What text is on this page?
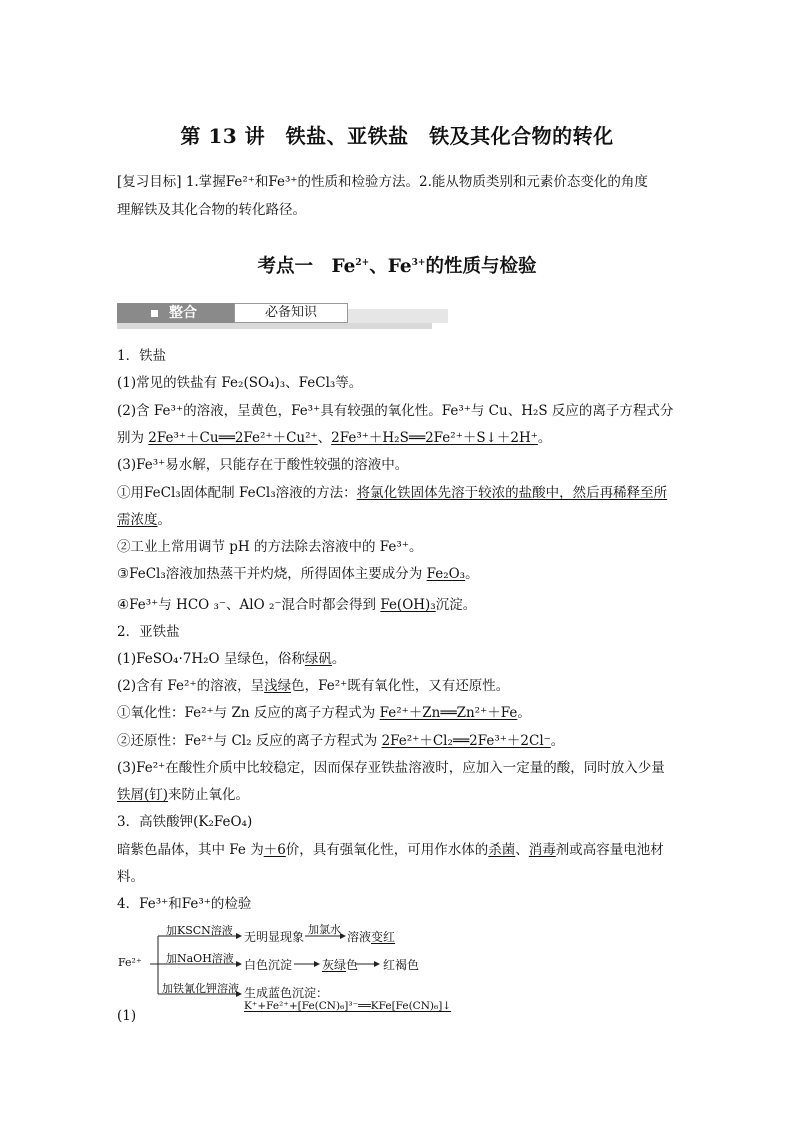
第 13 讲　铁盐、亚铁盐　铁及其化合物的转化
[复习目标] 1.掌握Fe²⁺和Fe³⁺的性质和检验方法。2.能从物质类别和元素价态变化的角度
理解铁及其化合物的转化路径。
考点一　$Fe^{2+}$、$Fe^{3+}$的性质与检验
整合	必备知识
1．铁盐
(1)常见的铁盐有 Fe₂(SO₄)₃、FeCl₃等。
(2)含 Fe³⁺的溶液，呈黄色，Fe³⁺具有较强的氧化性。Fe³⁺与 Cu、H₂S 反应的离子方程式分
别为 2Fe³⁺＋Cu══2Fe²⁺＋Cu²⁺、2Fe³⁺＋H₂S══2Fe²⁺＋S↓＋2H⁺。
(3)Fe³⁺易水解，只能存在于酸性较强的溶液中。
①用FeCl₃固体配制 FeCl₃溶液的方法：将氯化铁固体先溶于较浓的盐酸中，然后再稀释至所
需浓度。
②工业上常用调节 pH 的方法除去溶液中的 Fe³⁺。
③FeCl₃溶液加热蒸干并灼烧，所得固体主要成分为 Fe₂O₃。
④Fe³⁺与 HCO ₃⁻、AlO ₂⁻混合时都会得到 Fe(OH)₃沉淀。
2．亚铁盐
(1)FeSO₄·7H₂O 呈绿色，俗称绿矾。
(2)含有 Fe²⁺的溶液，呈浅绿色，Fe²⁺既有氧化性，又有还原性。
①氧化性：Fe²⁺与 Zn 反应的离子方程式为 Fe²⁺＋Zn══Zn²⁺＋Fe。
②还原性：Fe²⁺与 Cl₂ 反应的离子方程式为 2Fe²⁺＋Cl₂══2Fe³⁺＋2Cl⁻。
(3)Fe²⁺在酸性介质中比较稳定，因而保存亚铁盐溶液时，应加入一定量的酸，同时放入少量
铁屑(钉)来防止氧化。
3．高铁酸钾(K₂FeO₄)
暗紫色晶体，其中 Fe 为＋6价，具有强氧化性，可用作水体的杀菌、消毒剂或高容量电池材
料。
4．Fe³⁺和Fe³⁺的检验
Fe²⁺
加KSCN溶液 无明显现象
加氯水
溶液变红
加NaOH溶液 白色沉淀 灰绿色 红褐色
加铁氰化钾溶液 生成蓝色沉淀：
K⁺+Fe²⁺+[Fe(CN)₆]³⁻══KFe[Fe(CN)₆]↓
(1)
